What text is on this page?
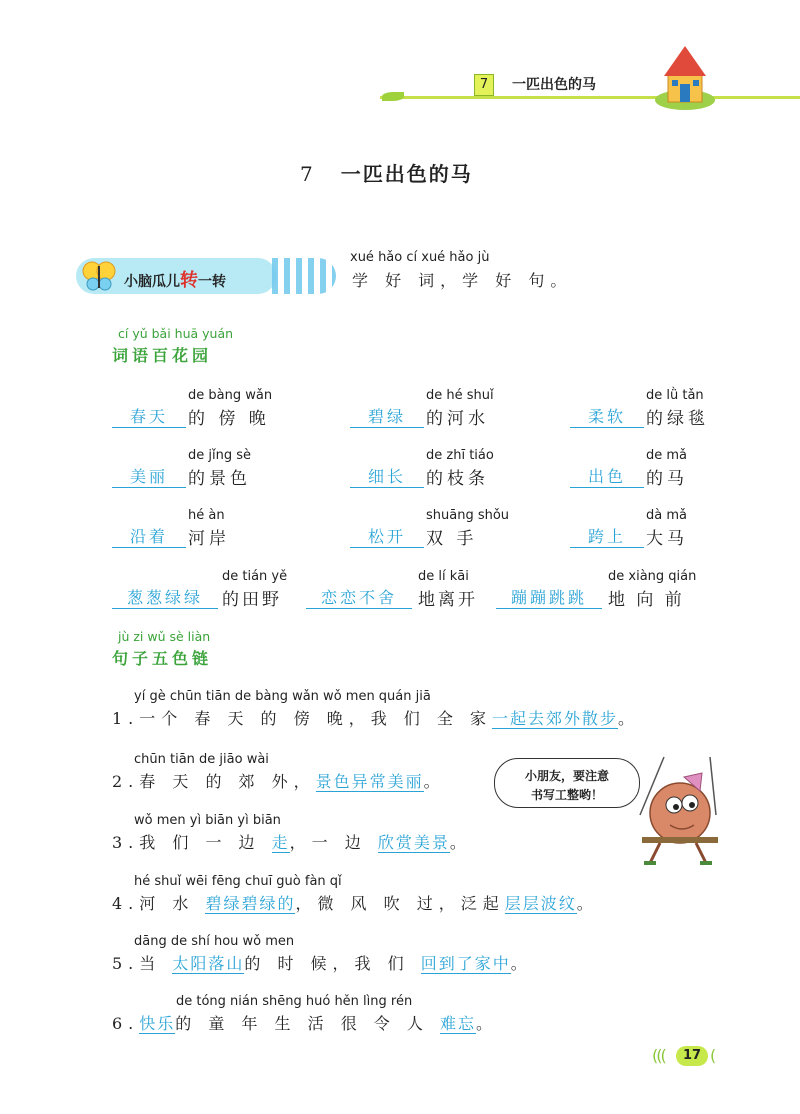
7	一匹出色的马
7 一匹出色的马
小脑瓜儿转一转
xué hǎo cí xué hǎo jù
学 好 词，学 好 句。
cí yǔ bǎi huā yuán
词语百花园
de bàng wǎn
春天	的 傍 晚
de hé shuǐ
碧绿	的河水
de lǜ tǎn
柔软	的绿毯
de jǐng sè
美丽	的景色
de zhī tiáo
细长	的枝条
de mǎ
出色	的马
hé àn
沿着	河岸
shuāng shǒu
松开	双 手
dà mǎ
跨上	大马
de tián yě
葱葱绿绿	的田野
de lí kāi
恋恋不舍	地离开
de xiàng qián
蹦蹦跳跳	地 向 前
jù zi wǔ sè liàn
句子五色链
yí gè chūn tiān de bàng wǎn wǒ men quán jiā
1.一个 春 天 的 傍 晚，我 们 全 家一起去郊外散步。
chūn tiān de jiāo wài
2.春 天 的 郊 外，景色异常美丽。
wǒ men yì biān yì biān
3.我 们 一 边 走，一 边 欣赏美景。
hé shuǐ wēi fēng chuī guò fàn qǐ
4.河 水 碧绿碧绿的，微 风 吹 过，泛起层层波纹。
dāng de shí hou wǒ men
5.当 太阳落山的 时 候，我 们 回到了家中。
de tóng nián shēng huó hěn lìng rén
6.快乐的 童 年 生 活 很 令 人 难忘。
小朋友，要注意
书写工整哟！
(((	17 (
